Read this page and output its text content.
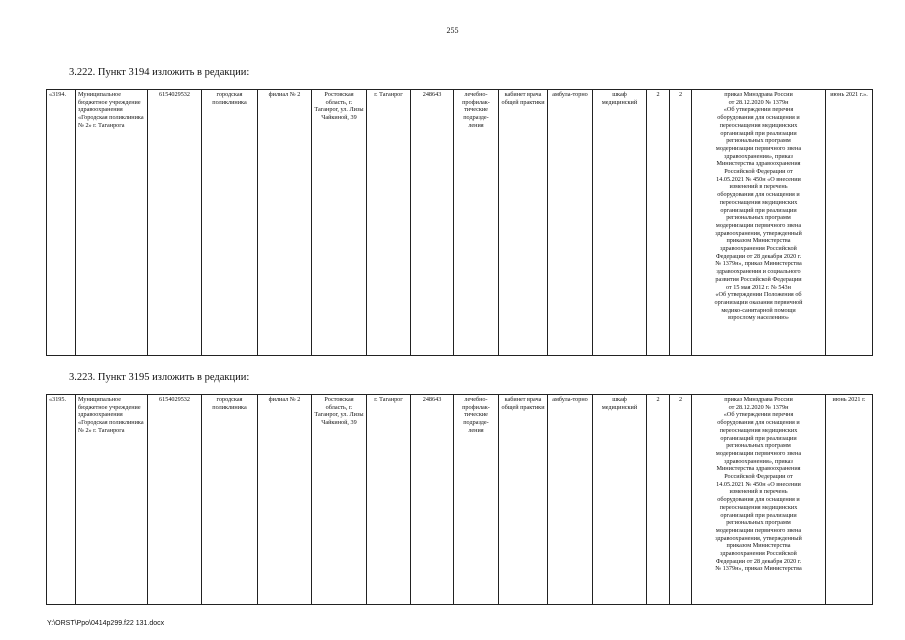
255
3.222. Пункт 3194 изложить в редакции:
«3194.	Муниципальное бюджетное учреждение здравоохранения «Городская поликлиника № 2» г. Таганрога	6154029532	городская поликлиника	филиал № 2	Ростовская область, г. Таганрог, ул. Лизы Чайкиной, 39	г. Таганрог	248643	лечебно-профилак-тические подразде-ления	кабинет врача общей практики	амбула-торно	шкаф медицинский	2	2	приказ Минздрава России
от 28.12.2020 № 1379н
«Об утверждении перечня
оборудования для оснащения и
переоснащения медицинских
организаций при реализации
региональных программ
модернизации первичного звена
здравоохранения», приказ
Министерства здравоохранения
Российской Федерации от
14.05.2021 № 450н «О внесении
изменений в перечень
оборудования для оснащения и
переоснащения медицинских
организаций при реализации
региональных программ
модернизации первичного звена
здравоохранения, утвержденный
приказом Министерства
здравоохранения Российской
Федерации от 28 декабря 2020 г.
№ 1379н», приказ Министерства
здравоохранения и социального
развития Российской Федерации
от 15 мая 2012 г. № 543н
«Об утверждении Положения об
организации оказания первичной
медико-санитарной помощи
взрослому населению»	июнь 2021 г.».
3.223. Пункт 3195 изложить в редакции:
«3195.	Муниципальное бюджетное учреждение здравоохранения «Городская поликлиника № 2» г. Таганрога	6154029532	городская поликлиника	филиал № 2	Ростовская область, г. Таганрог, ул. Лизы Чайкиной, 39	г. Таганрог	248643	лечебно-профилак-тические подразде-ления	кабинет врача общей практики	амбула-торно	шкаф медицинский	2	2	приказ Минздрава России
от 28.12.2020 № 1379н
«Об утверждении перечня
оборудования для оснащения и
переоснащения медицинских
организаций при реализации
региональных программ
модернизации первичного звена
здравоохранения», приказ
Министерства здравоохранения
Российской Федерации от
14.05.2021 № 450н «О внесении
изменений в перечень
оборудования для оснащения и
переоснащения медицинских
организаций при реализации
региональных программ
модернизации первичного звена
здравоохранения, утвержденный
приказом Министерства
здравоохранения Российской
Федерации от 28 декабря 2020 г.
№ 1379н», приказ Министерства	июнь 2021 г.
Y:\ORST\Ppo\0414p299.f22 131.docx
